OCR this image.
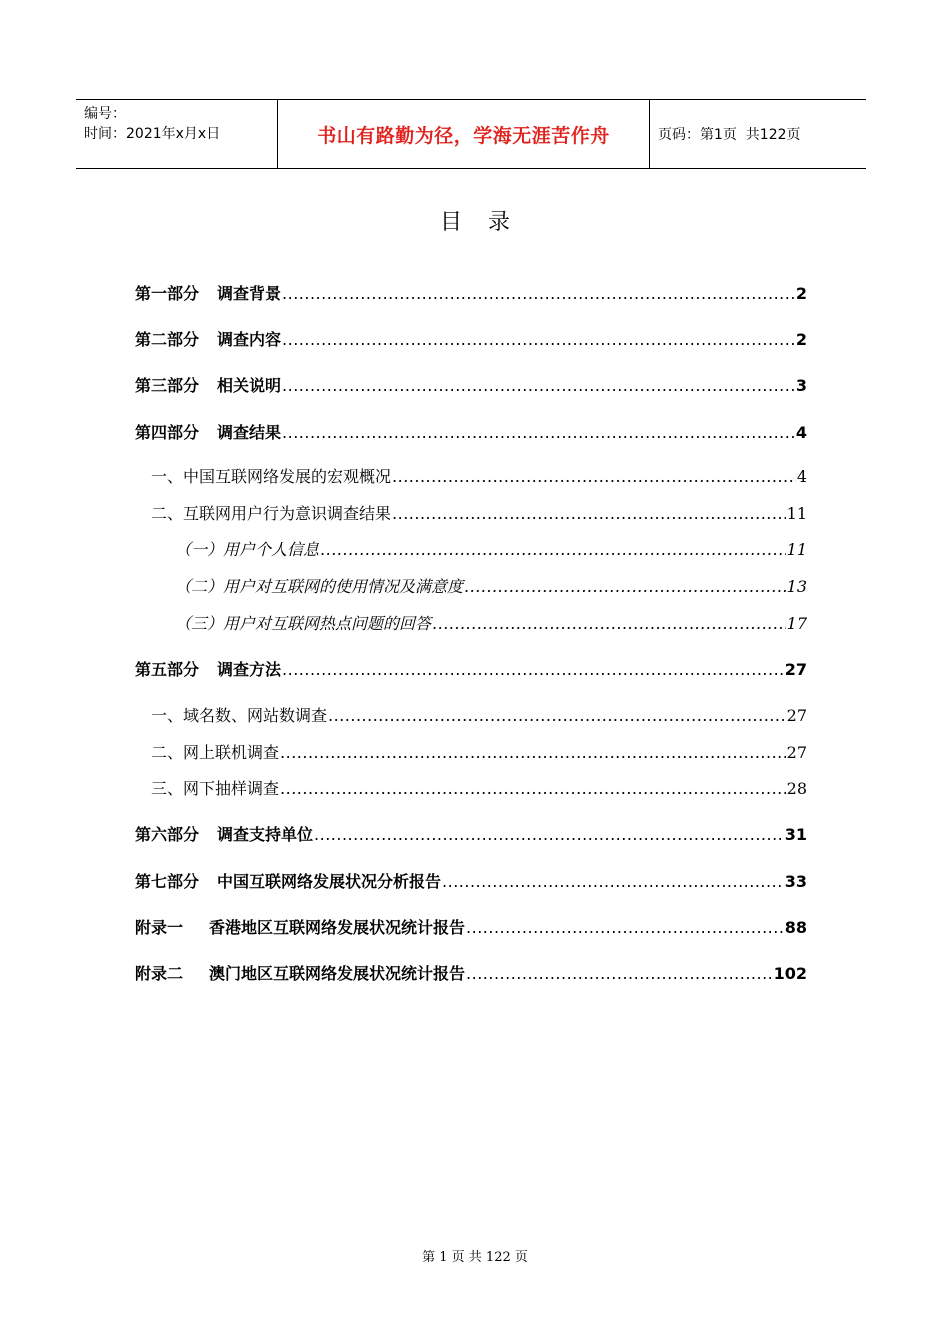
编号：
时间：2021年x月x日	书山有路勤为径，学海无涯苦作舟	页码：第1页  共122页
目录
第一部分 调查背景 .....	2
第二部分 调查内容 .....	2
第三部分 相关说明 .....	3
第四部分 调查结果 .....	4
一、中国互联网络发展的宏观概况 .....	4
二、互联网用户行为意识调查结果 .....	11
（一）用户个人信息 .....	11
（二）用户对互联网的使用情况及满意度 .....	13
（三）用户对互联网热点问题的回答 .....	17
第五部分 调查方法 .....	27
一、域名数、网站数调查 .....	27
二、网上联机调查 .....	27
三、网下抽样调查 .....	28
第六部分 调查支持单位 .....	31
第七部分 中国互联网络发展状况分析报告 .....	33
附录一 香港地区互联网络发展状况统计报告 .....	88
附录二 澳门地区互联网络发展状况统计报告 .....	102
第 1 页 共 122 页
